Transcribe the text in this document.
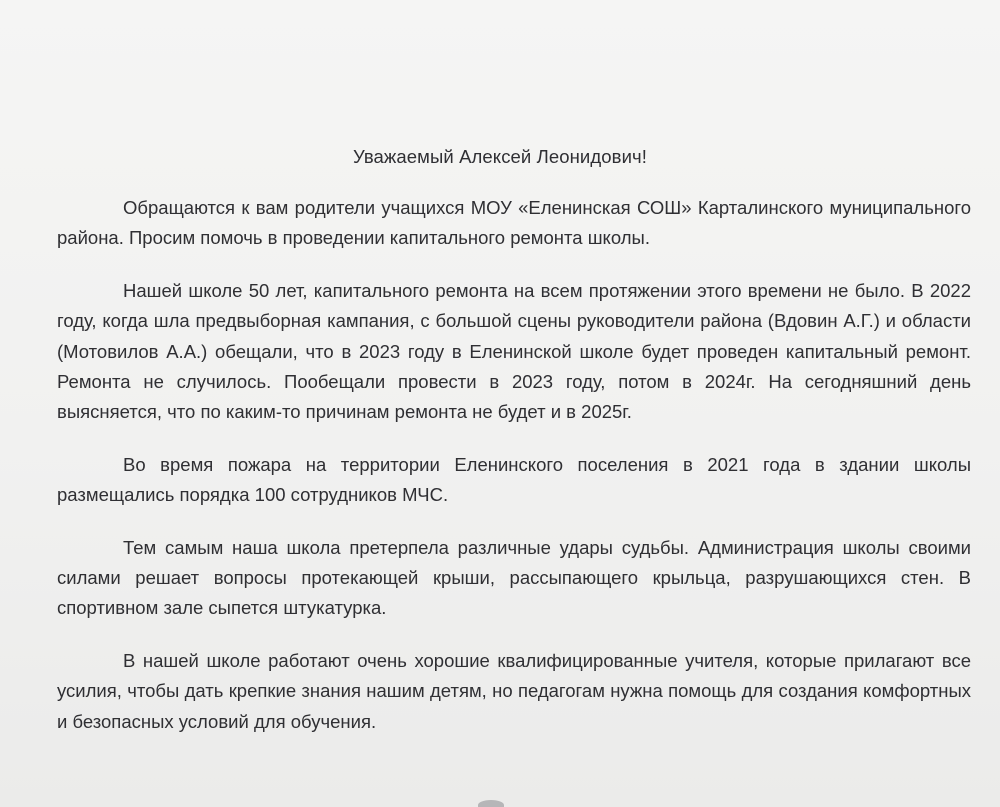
Уважаемый Алексей Леонидович!

Обращаются к вам родители учащихся МОУ «Еленинская СОШ» Карталинского муниципального района. Просим помочь в проведении капитального ремонта школы.

Нашей школе 50 лет, капитального ремонта на всем протяжении этого времени не было. В 2022 году, когда шла предвыборная кампания, с большой сцены руководители района (Вдовин А.Г.) и области (Мотовилов А.А.) обещали, что в 2023 году в Еленинской школе будет проведен капитальный ремонт. Ремонта не случилось. Пообещали провести в 2023 году, потом в 2024г. На сегодняшний день выясняется, что по каким-то причинам ремонта не будет и в 2025г.

Во время пожара на территории Еленинского поселения в 2021 года в здании школы размещались порядка 100 сотрудников МЧС.

Тем самым наша школа претерпела различные удары судьбы. Администрация школы своими силами решает вопросы протекающей крыши, рассыпающего крыльца, разрушающихся стен. В спортивном зале сыпется штукатурка.

В нашей школе работают очень хорошие квалифицированные учителя, которые прилагают все усилия, чтобы дать крепкие знания нашим детям, но педагогам нужна помощь для создания комфортных и безопасных условий для обучения.
